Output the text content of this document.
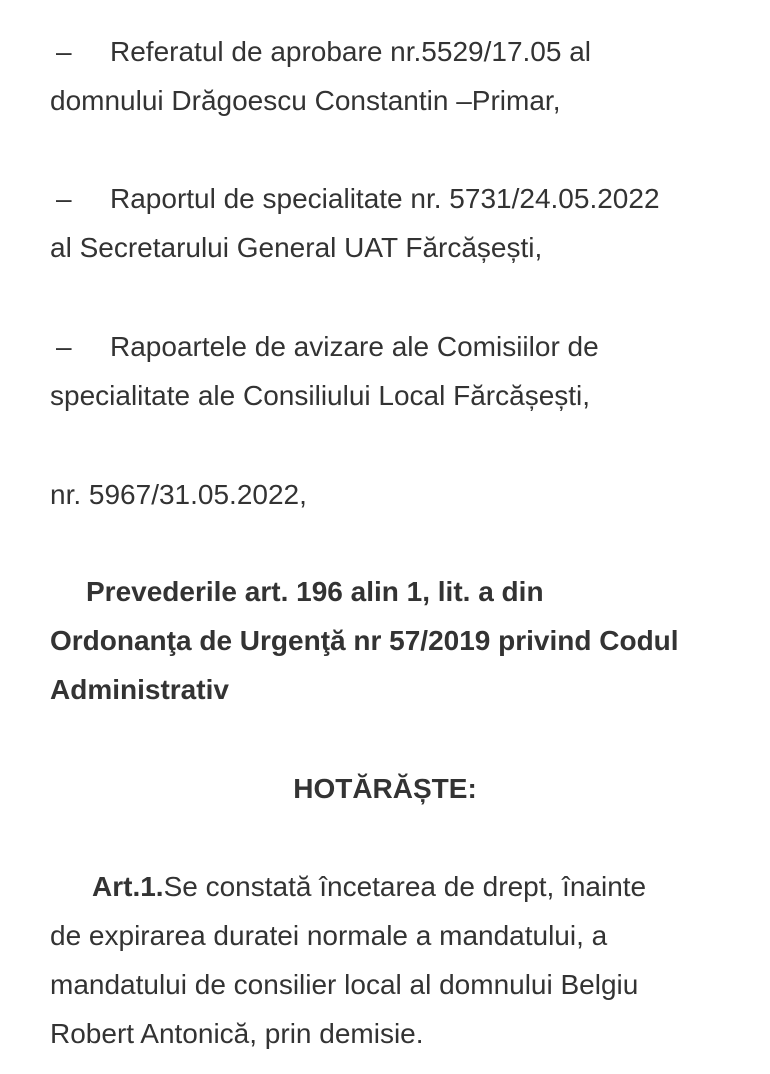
– Referatul de aprobare nr.5529/17.05 al
domnului Drăgoescu Constantin –Primar,

– Raportul de specialitate nr. 5731/24.05.2022
al Secretarului General UAT Fărcășești,

– Rapoartele de avizare ale Comisiilor de
specialitate ale Consiliului Local Fărcășești,

nr. 5967/31.05.2022,

Prevederile art. 196 alin 1, lit. a din
Ordonanţa de Urgenţă nr 57/2019 privind Codul
Administrativ

HOTĂRĂȘTE:

Art.1.Se constată încetarea de drept, înainte
de expirarea duratei normale a mandatului, a
mandatului de consilier local al domnului Belgiu
Robert Antonică, prin demisie.
